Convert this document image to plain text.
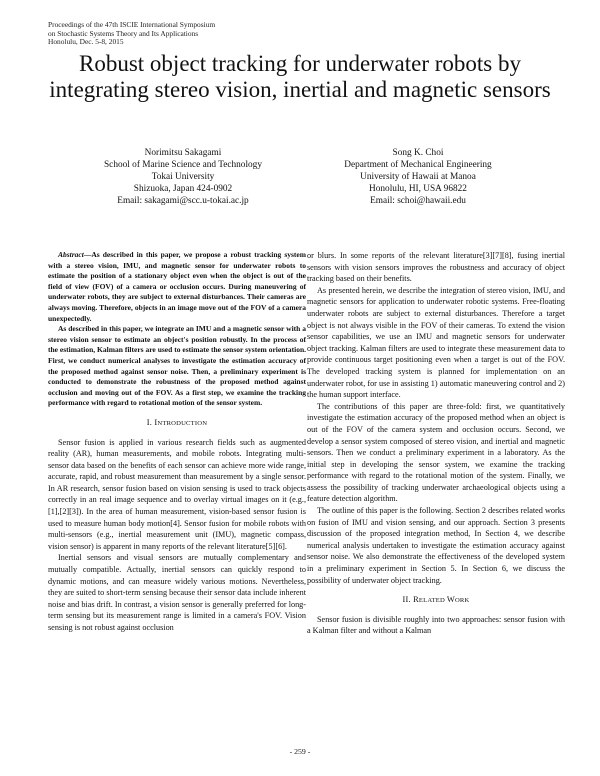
Proceedings of the 47th ISCIE International Symposium
on Stochastic Systems Theory and Its Applications
Honolulu, Dec. 5-8, 2015
Robust object tracking for underwater robots by integrating stereo vision, inertial and magnetic sensors
Norimitsu Sakagami
School of Marine Science and Technology
Tokai University
Shizuoka, Japan 424-0902
Email: sakagami@scc.u-tokai.ac.jp
Song K. Choi
Department of Mechanical Engineering
University of Hawaii at Manoa
Honolulu, HI, USA 96822
Email: schoi@hawaii.edu

Abstract—As described in this paper, we propose a robust tracking system with a stereo vision, IMU, and magnetic sensor for underwater robots to estimate the position of a stationary object even when the object is out of the field of view (FOV) of a camera or occlusion occurs. During maneuvering of underwater robots, they are subject to external disturbances. Their cameras are always moving. Therefore, objects in an image move out of the FOV of a camera unexpectedly.

As described in this paper, we integrate an IMU and a magnetic sensor with a stereo vision sensor to estimate an object's position robustly. In the process of the estimation, Kalman filters are used to estimate the sensor system orientation. First, we conduct numerical analyses to investigate the estimation accuracy of the proposed method against sensor noise. Then, a preliminary experiment is conducted to demonstrate the robustness of the proposed method against occlusion and moving out of the FOV. As a first step, we examine the tracking performance with regard to rotational motion of the sensor system.

I. INTRODUCTION

Sensor fusion is applied in various research fields such as augmented reality (AR), human measurements, and mobile robots. Integrating multi-sensor data based on the benefits of each sensor can achieve more wide range, accurate, rapid, and robust measurement than measurement by a single sensor. In AR research, sensor fusion based on vision sensing is used to track objects correctly in an real image sequence and to overlay virtual images on it (e.g., [1],[2][3]). In the area of human measurement, vision-based sensor fusion is used to measure human body motion[4]. Sensor fusion for mobile robots with multi-sensors (e.g., inertial measurement unit (IMU), magnetic compass, vision sensor) is apparent in many reports of the relevant literature[5][6].

Inertial sensors and visual sensors are mutually complementary and mutually compatible. Actually, inertial sensors can quickly respond to dynamic motions, and can measure widely various motions. Nevertheless, they are suited to short-term sensing because their sensor data include inherent noise and bias drift. In contrast, a vision sensor is generally preferred for long-term sensing but its measurement range is limited in a camera's FOV. Vision sensing is not robust against occlusion

or blurs. In some reports of the relevant literature[3][7][8], fusing inertial sensors with vision sensors improves the robustness and accuracy of object tracking based on their benefits.

As presented herein, we describe the integration of stereo vision, IMU, and magnetic sensors for application to underwater robotic systems. Free-floating underwater robots are subject to external disturbances. Therefore a target object is not always visible in the FOV of their cameras. To extend the vision sensor capabilities, we use an IMU and magnetic sensors for underwater object tracking. Kalman filters are used to integrate these measurement data to provide continuous target positioning even when a target is out of the FOV. The developed tracking system is planned for implementation on an underwater robot, for use in assisting 1) automatic maneuvering control and 2) the human support interface.

The contributions of this paper are three-fold: first, we quantitatively investigate the estimation accuracy of the proposed method when an object is out of the FOV of the camera system and occlusion occurs. Second, we develop a sensor system composed of stereo vision, and inertial and magnetic sensors. Then we conduct a preliminary experiment in a laboratory. As the initial step in developing the sensor system, we examine the tracking performance with regard to the rotational motion of the system. Finally, we assess the possibility of tracking underwater archaeological objects using a feature detection algorithm.

The outline of this paper is the following. Section 2 describes related works on fusion of IMU and vision sensing, and our approach. Section 3 presents discussion of the proposed integration method, In Section 4, we describe numerical analysis undertaken to investigate the estimation accuracy against sensor noise. We also demonstrate the effectiveness of the developed system in a preliminary experiment in Section 5. In Section 6, we discuss the possibility of underwater object tracking.

II. RELATED WORK

Sensor fusion is divisible roughly into two approaches: sensor fusion with a Kalman filter and without a Kalman

- 259 -
